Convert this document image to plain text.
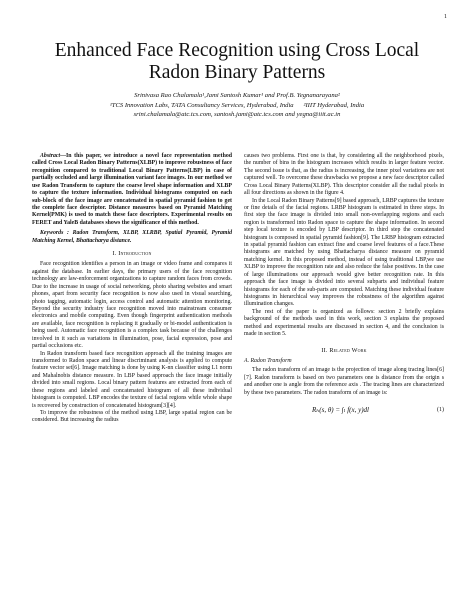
1
Enhanced Face Recognition using Cross Local
Radon Binary Patterns
Srinivasa Rao Chalamala¹,Jami Santosh Kumar¹ and Prof.B. Yegnanarayana²
¹TCS Innovation Labs, TATA Consultancy Services, Hyderabad, India ²IIIT Hyderabad, India
srini.chalamala@atc.tcs.com, santosh.jami@atc.tcs.com and yegna@iiit.ac.in

Abstract—In this paper, we introduce a novel face representation method called Cross Local Radon Binary Patterns(XLBP) to improve robustness of face recognition compared to traditional Local Binary Patterns(LBP) in case of partially occluded and large illumination variant face images. In our method we use Radon Transform to capture the coarse level shape information and XLBP to capture the texture information. Individual histograms computed on each sub-block of the face image are concatenated in spatial pyramid fashion to get the complete face descriptor. Distance measures based on Pyramid Matching Kernel(PMK) is used to match these face descriptors. Experimental results on FERET and YaleB databases shows the significance of this method.

Keywords : Radon Transform, XLBP, XLRBP, Spatial Pyramid, Pyramid Matching Kernel, Bhattacharya distance.

I. Introduction

Face recognition identifies a person in an image or video frame and compares it against the database. In earlier days, the primary users of the face recognition technology are law-enforcement organizations to capture random faces from crowds. Due to the increase in usage of social networking, photo sharing websites and smart phones, apart from security face recognition is now also used in visual searching, photo tagging, automatic login, access control and automatic attention monitoring. Beyond the security industry face recognition moved into mainstream consumer electronics and mobile computing. Even though fingerprint authentication methods are available, face recognition is replacing it gradually or bi-model authentication is being used. Automatic face recognition is a complex task because of the challenges involved in it such as variations in illumination, pose, facial expression, pose and partial occlusions etc.

In Radon transform based face recognition approach all the training images are transformed to Radon space and linear discriminant analysis is applied to compute feature vector set[6]. Image matching is done by using K-nn classifier using L1 norm and Mahalnobis distance measure. In LBP based approach the face image initially divided into small regions. Local binary pattern features are extracted from each of these regions and labeled and concatenated histogram of all these individual histogram is computed. LBP encodes the texture of facial regions while whole shape is recovered by construction of concatenated histogram[3][4].

To improve the robustness of the method using LBP, large spatial region can be considered. But increasing the radius

causes two problems. First one is that, by considering all the neighborhood pixels, the number of bins in the histogram increases which results in larger feature vector. The second issue is that, as the radius is increasing, the inner pixel variations are not captured well. To overcome these drawbacks we propose a new face descriptor called Cross Local Binary Patterns(XLBP). This descriptor consider all the radial pixels in all four directions as shown in the figure 4.

In the Local Radon Binary Patterns[9] based approach, LRBP captures the texture or fine details of the facial regions. LRBP histogram is estimated in three steps. In first step the face image is divided into small non-overlapping regions and each region is transformed into Radon space to capture the shape information. In second step local texture is encoded by LBP descriptor. In third step the concatenated histogram is composed in spatial pyramid fashion[9]. The LRBP histogram extracted in spatial pyramid fashion can extract fine and coarse level features of a face.These histograms are matched by using Bhattacharya distance measure on pyramid matching kernel. In this proposed method, instead of using traditional LBP,we use XLBP to improve the recognition rate and also reduce the false positives. In the case of large illuminations our approach would give better recognition rate. In this approach the face image is divided into several subparts and individual feature histograms for each of the sub-parts are computed. Matching these individual feature histograms in hierarchical way improves the robustness of the algorithm against illumination changes.

The rest of the paper is organized as follows: section 2 briefly explains background of the methods used in this work, section 3 explains the proposed method and experimental results are discussed in section 4, and the conclusion is made in section 5.

II. Related Work
A. Radon Transform

The radon transform of an image is the projection of image along tracing lines[6][7]. Radon transform is based on two parameters one is distance from the origin s and another one is angle from the reference axis . The tracing lines are characterized by these two parameters. The radon transform of an image is:

Rₕ(s, θ) = ∫ₗ f(x, y)dl	(1)
